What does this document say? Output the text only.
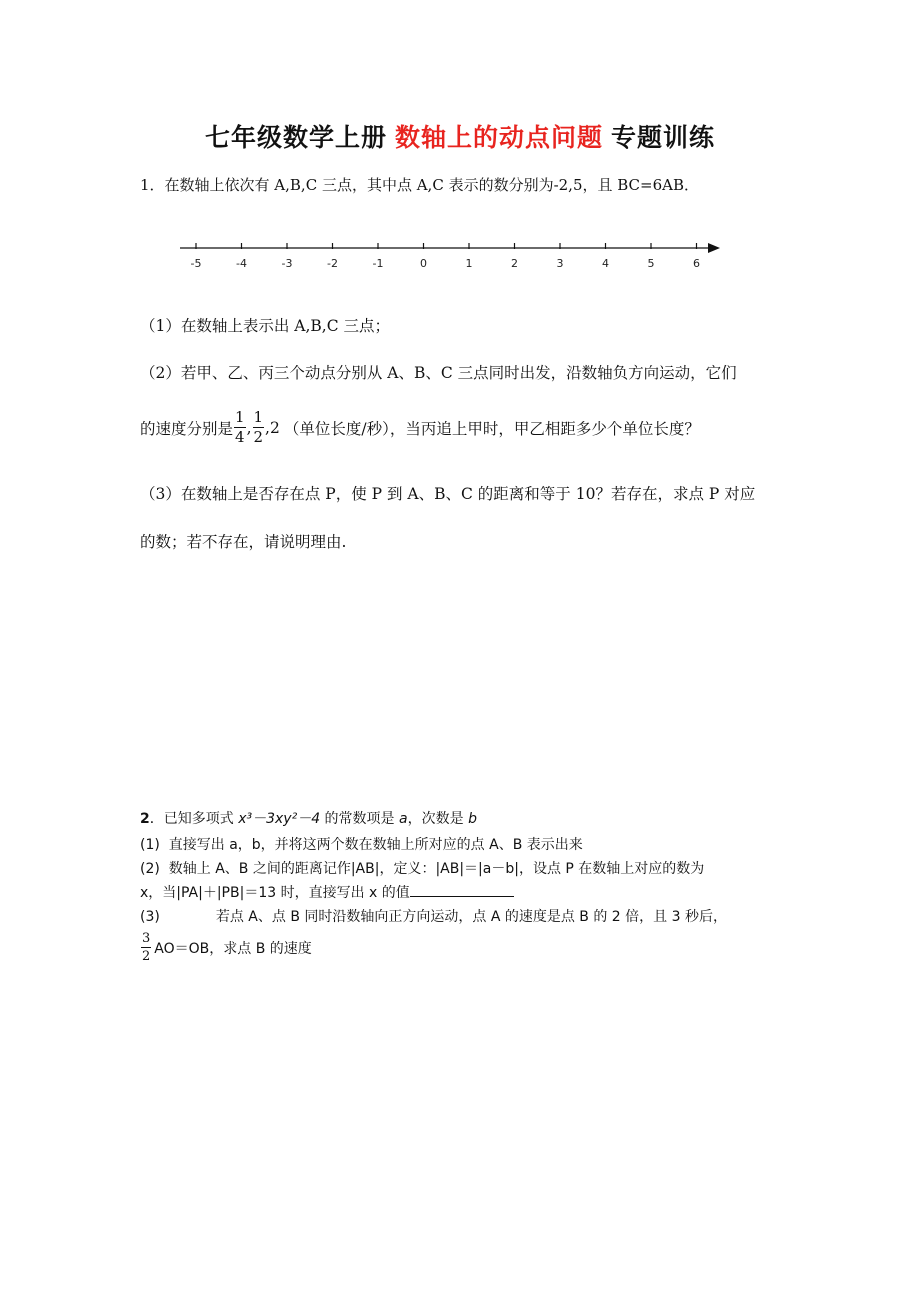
七年级数学上册 数轴上的动点问题 专题训练
1．在数轴上依次有 A,B,C 三点，其中点 A,C 表示的数分别为-2,5，且 BC=6AB．
-5	-4	-3	-2	-1	0	1	2	3	4	5	6
（1）在数轴上表示出 A,B,C 三点；
（2）若甲、乙、丙三个动点分别从 A、B、C 三点同时出发，沿数轴负方向运动，它们
的速度分别是 $\frac{1}{4}$ , $\frac{1}{2} ,2$ （单位长度/秒），当丙追上甲时，甲乙相距多少个单位长度？
（3）在数轴上是否存在点 P，使 P 到 A、B、C 的距离和等于 10？若存在，求点 P 对应
的数；若不存在，请说明理由.
2．已知多项式 x³－3xy²－4 的常数项是 a，次数是 b
(1) 直接写出 a，b，并将这两个数在数轴上所对应的点 A、B 表示出来
(2) 数轴上 A、B 之间的距离记作|AB|，定义：|AB|＝|a－b|，设点 P 在数轴上对应的数为
x，当|PA|＋|PB|＝13 时，直接写出 x 的值
(3)	若点 A、点 B 同时沿数轴向正方向运动，点 A 的速度是点 B 的 2 倍，且 3 秒后，
$\frac{3}{2} AO=OB$，求点 B 的速度
